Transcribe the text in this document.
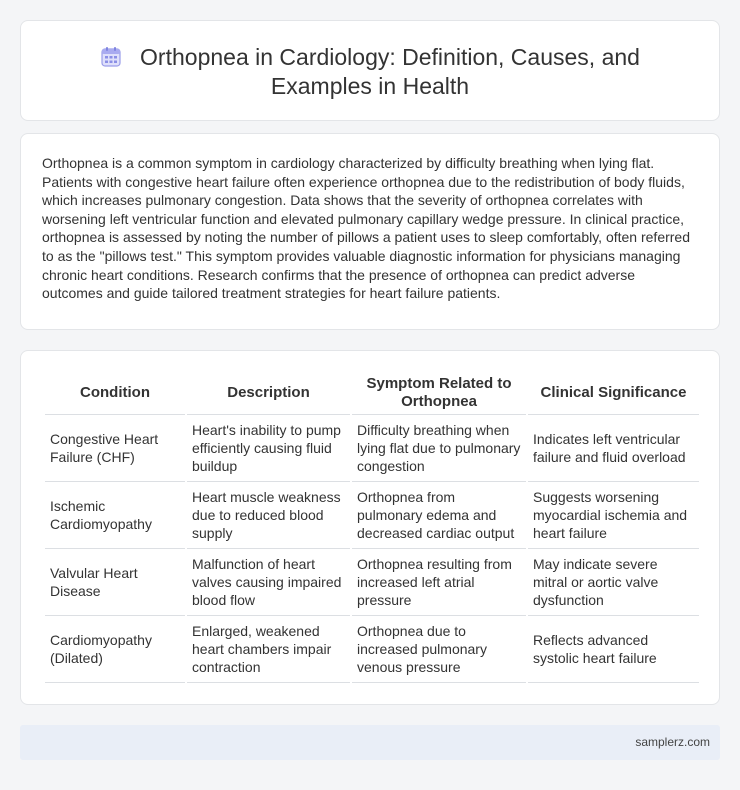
Orthopnea in Cardiology: Definition, Causes, and Examples in Health

Orthopnea is a common symptom in cardiology characterized by difficulty breathing when lying flat. Patients with congestive heart failure often experience orthopnea due to the redistribution of body fluids, which increases pulmonary congestion. Data shows that the severity of orthopnea correlates with worsening left ventricular function and elevated pulmonary capillary wedge pressure. In clinical practice, orthopnea is assessed by noting the number of pillows a patient uses to sleep comfortably, often referred to as the "pillows test." This symptom provides valuable diagnostic information for physicians managing chronic heart conditions. Research confirms that the presence of orthopnea can predict adverse outcomes and guide tailored treatment strategies for heart failure patients.

Condition	Description	Symptom Related to Orthopnea	Clinical Significance
Congestive Heart Failure (CHF)	Heart's inability to pump efficiently causing fluid buildup	Difficulty breathing when lying flat due to pulmonary congestion	Indicates left ventricular failure and fluid overload
Ischemic Cardiomyopathy	Heart muscle weakness due to reduced blood supply	Orthopnea from pulmonary edema and decreased cardiac output	Suggests worsening myocardial ischemia and heart failure
Valvular Heart Disease	Malfunction of heart valves causing impaired blood flow	Orthopnea resulting from increased left atrial pressure	May indicate severe mitral or aortic valve dysfunction
Cardiomyopathy (Dilated)	Enlarged, weakened heart chambers impair contraction	Orthopnea due to increased pulmonary venous pressure	Reflects advanced systolic heart failure
samplerz.com
